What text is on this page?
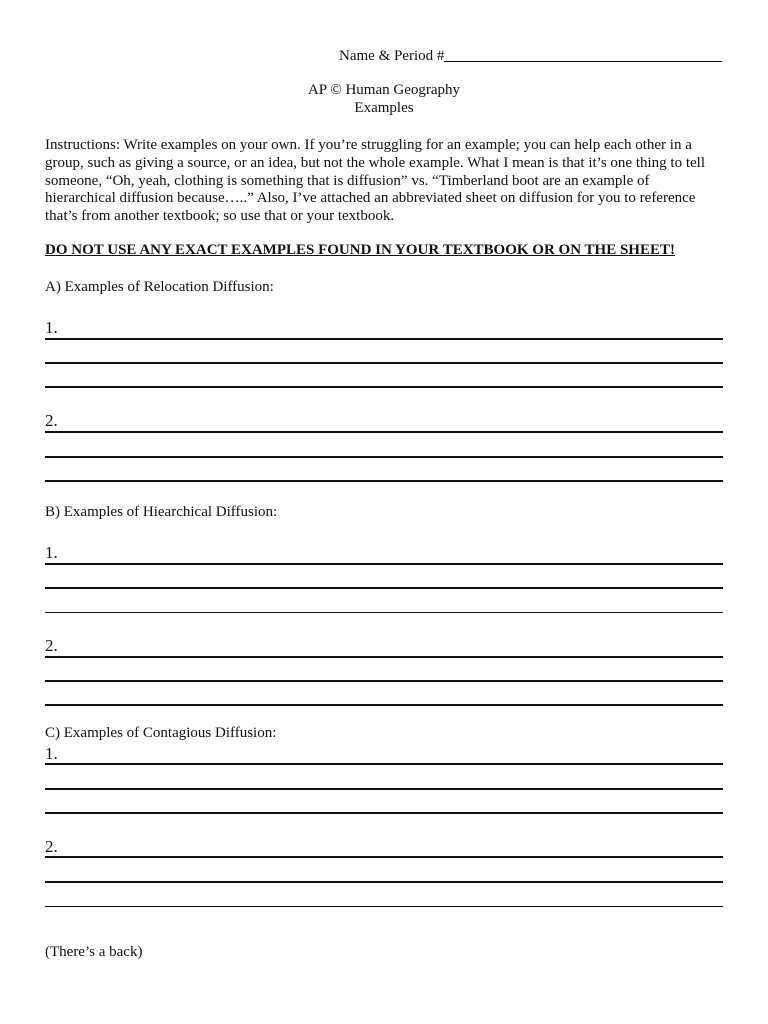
Name & Period #
AP © Human Geography
Examples

Instructions: Write examples on your own. If you’re struggling for an example; you can help each other in a group, such as giving a source, or an idea, but not the whole example. What I mean is that it’s one thing to tell someone, “Oh, yeah, clothing is something that is diffusion” vs. “Timberland boot are an example of hierarchical diffusion because…..” Also, I’ve attached an abbreviated sheet on diffusion for you to reference that’s from another textbook; so use that or your textbook.

DO NOT USE ANY EXACT EXAMPLES FOUND IN YOUR TEXTBOOK OR ON THE SHEET!
A) Examples of Relocation Diffusion:
1.
2.
B) Examples of Hiearchical Diffusion:
1.
2.
C) Examples of Contagious Diffusion:
1.
2.
(There’s a back)
